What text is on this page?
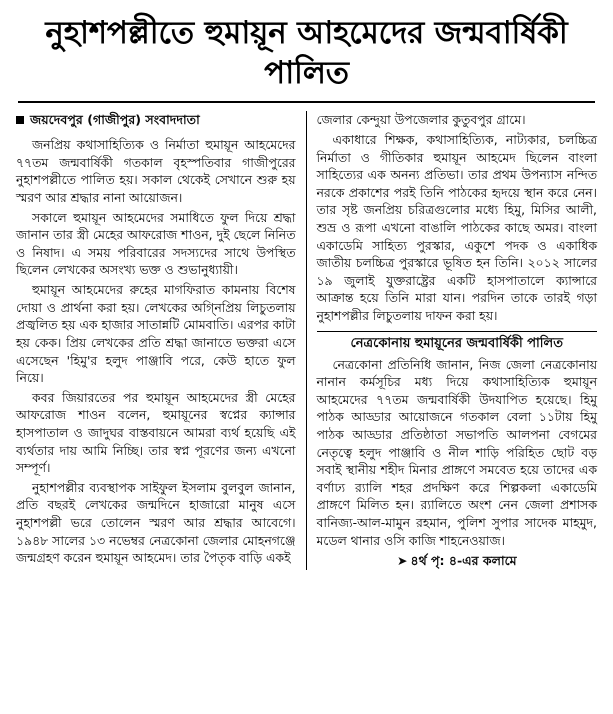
নুহাশপল্লীতে হুমায়ূন আহমেদের জন্মবার্ষিকী পালিত
জয়দেবপুর (গাজীপুর) সংবাদদাতা

জনপ্রিয় কথাসাহিত্যিক ও নির্মাতা হুমায়ূন আহমেদের ৭৭তম জন্মবার্ষিকী গতকাল বৃহস্পতিবার গাজীপুরের নুহাশপল্লীতে পালিত হয়। সকাল থেকেই সেখানে শুরু হয় স্মরণ আর শ্রদ্ধার নানা আয়োজন।

সকালে হুমায়ূন আহমেদের সমাধিতে ফুল দিয়ে শ্রদ্ধা জানান তার স্ত্রী মেহের আফরোজ শাওন, দুই ছেলে নিনিত ও নিষাদ। এ সময় পরিবারের সদস্যদের সাথে উপস্থিত ছিলেন লেখকের অসংখ্য ভক্ত ও শুভানুধ্যায়ী।

হুমায়ূন আহমেদের রুহের মাগফিরাত কামনায় বিশেষ দোয়া ও প্রার্থনা করা হয়। লেখকের অগি্নপ্রিয় লিচুতলায় প্রজ্বলিত হয় এক হাজার সাতান্নটি মোমবাতি। এরপর কাটা হয় কেক। প্রিয় লেখকের প্রতি শ্রদ্ধা জানাতে ভক্তরা এসে এসেছেন 'হিমু'র হলুদ পাঞ্জাবি পরে, কেউ হাতে ফুল নিয়ে।

কবর জিয়ারতের পর হুমায়ূন আহমেদের স্ত্রী মেহের আফরোজ শাওন বলেন, হুমায়ূনের স্বপ্নের ক্যান্সার হাসপাতাল ও জাদুঘর বাস্তবায়নে আমরা ব্যর্থ হয়েছি এই ব্যর্থতার দায় আমি নিচ্ছি। তার স্বপ্ন পূরণের জন্য এখনো সম্পূর্ণ।

নুহাশপল্লীর ব্যবস্থাপক সাইফুল ইসলাম বুলবুল জানান, প্রতি বছরই লেখকের জন্মদিনে হাজারো মানুষ এসে নুহাশপল্লী ভরে তোলেন স্মরণ আর শ্রদ্ধার আবেগে। ১৯৪৮ সালের ১৩ নভেম্বর নেত্রকোনা জেলার মোহনগঞ্জে জন্মগ্রহণ করেন হুমায়ূন আহমেদ। তার পৈতৃক বাড়ি একই

জেলার কেন্দুয়া উপজেলার কুতুবপুর গ্রামে।

একাধারে শিক্ষক, কথাসাহিত্যিক, নাট্যকার, চলচ্চিত্র নির্মাতা ও গীতিকার হুমায়ূন আহমেদ ছিলেন বাংলা সাহিত্যের এক অনন্য প্রতিভা। তার প্রথম উপন্যাস নন্দিত নরকে প্রকাশের পরই তিনি পাঠকের হৃদয়ে স্থান করে নেন। তার সৃষ্ট জনপ্রিয় চরিত্রগুলোর মধ্যে হিমু, মিসির আলী, শুভ্র ও রূপা এখনো বাঙালি পাঠকের কাছে অমর। বাংলা একাডেমি সাহিত্য পুরস্কার, একুশে পদক ও একাধিক জাতীয় চলচ্চিত্র পুরস্কারে ভূষিত হন তিনি। ২০১২ সালের ১৯ জুলাই যুক্তরাষ্ট্রের একটি হাসপাতালে ক্যান্সারে আক্রান্ত হয়ে তিনি মারা যান। পরদিন তাকে তারই গড়া নুহাশপল্লীর লিচুতলায় দাফন করা হয়।

নেত্রকোনায় হুমায়ূনের জন্মবার্ষিকী পালিত

নেত্রকোনা প্রতিনিধি জানান, নিজ জেলা নেত্রকোনায় নানান কর্মসূচির মধ্য দিয়ে কথাসাহিত্যিক হুমায়ূন আহমেদের ৭৭তম জন্মবার্ষিকী উদযাপিত হয়েছে। হিমু পাঠক আড্ডার আয়োজনে গতকাল বেলা ১১টায় হিমু পাঠক আড্ডার প্রতিষ্ঠাতা সভাপতি আলপনা বেগমের নেতৃত্বে হলুদ পাঞ্জাবি ও নীল শাড়ি পরিহিত ছোট বড় সবাই স্থানীয় শহীদ মিনার প্রাঙ্গণে সমবেত হয়ে তাদের এক বর্ণাঢ্য র‌্যালি শহর প্রদক্ষিণ করে শিল্পকলা একাডেমি প্রাঙ্গণে মিলিত হন। র‌্যালিতে অংশ নেন জেলা প্রশাসক বানিজ্য-আল-মামুন রহমান, পুলিশ সুপার সাদেক মাহমুদ, মডেল থানার ওসি কাজি শাহনেওয়াজ।

➤ ৪র্থ পৃ: ৪-এর কলামে
